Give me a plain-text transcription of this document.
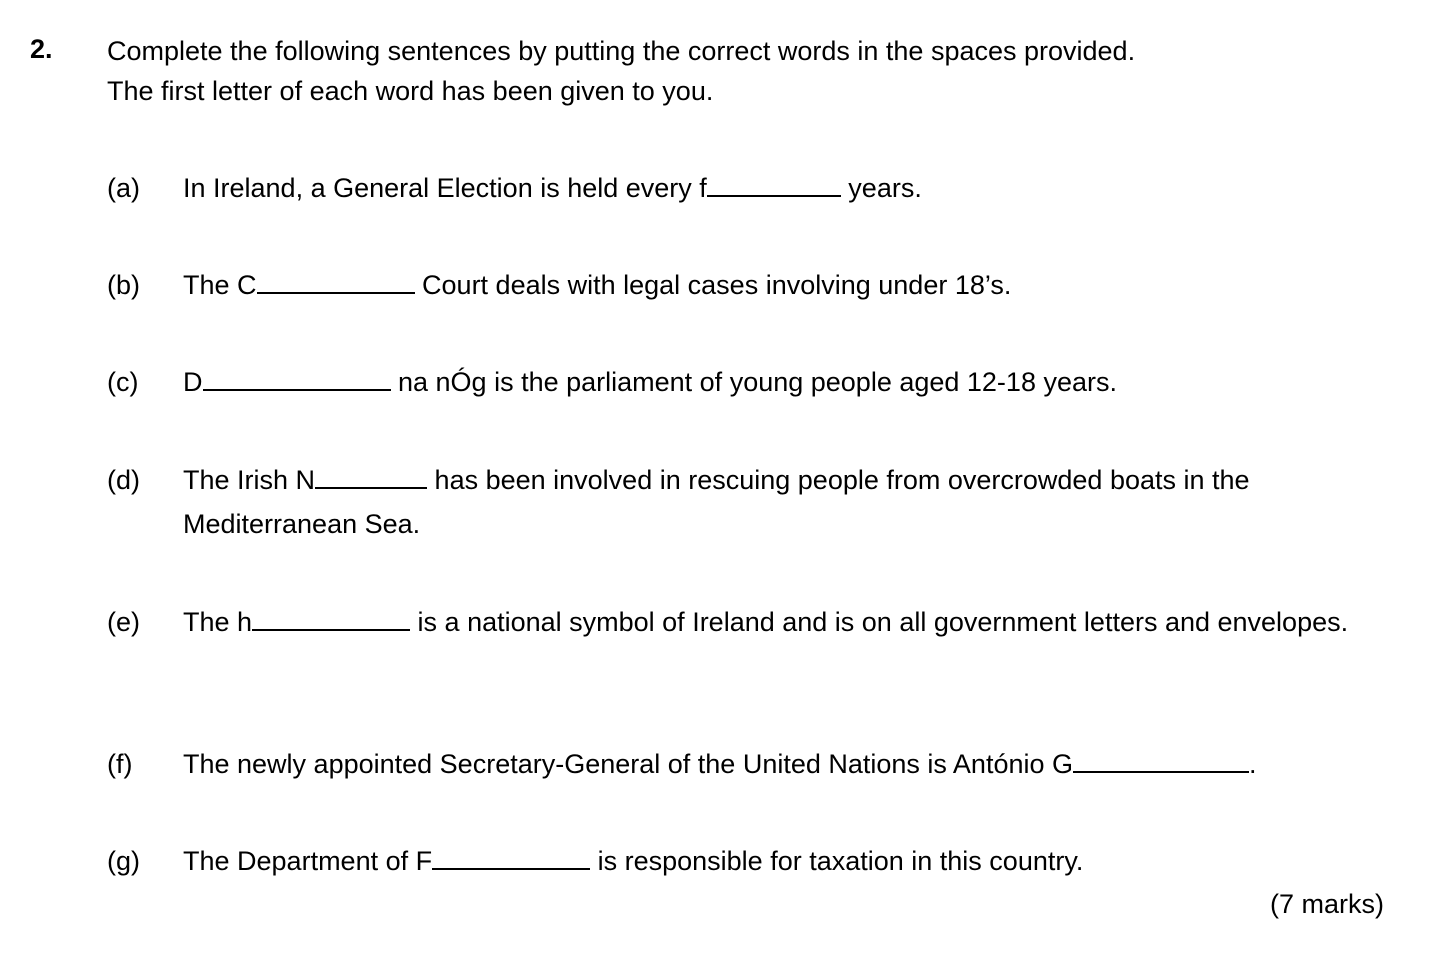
2. Complete the following sentences by putting the correct words in the spaces provided.
The first letter of each word has been given to you.
(a) In Ireland, a General Election is held every f	years.
(b) The C	Court deals with legal cases involving under 18’s.
(c) D	na nÓg is the parliament of young people aged 12-18 years.
(d) The Irish N	has been involved in rescuing people from overcrowded boats in the Mediterranean Sea.
(e) The h	is a national symbol of Ireland and is on all government letters and envelopes.
(f) The newly appointed Secretary-General of the United Nations is António G	.
(g) The Department of F	is responsible for taxation in this country.
(7 marks)
